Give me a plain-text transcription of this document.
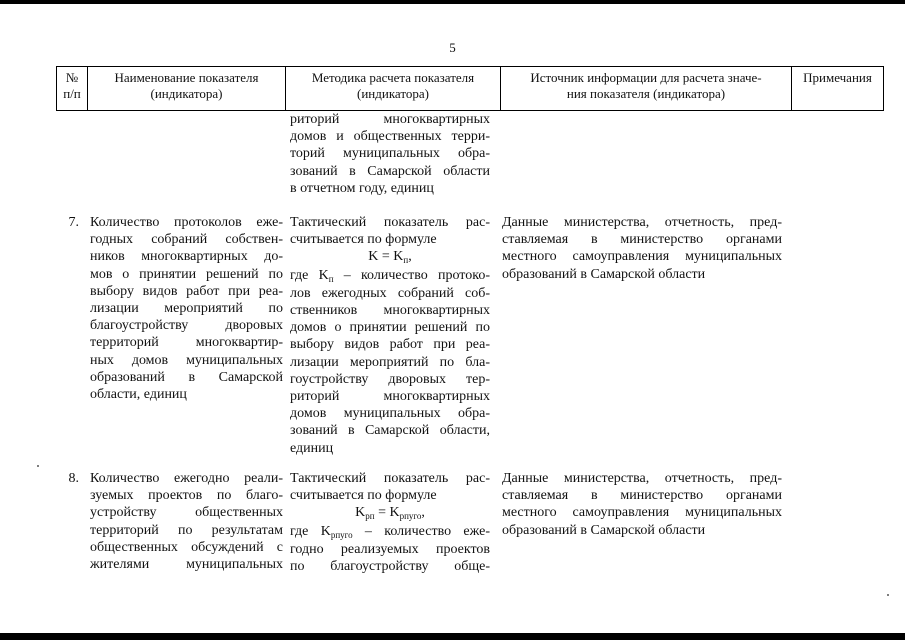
5
№
п/п
Наименование показателя
(индикатора)
Методика расчета показателя
(индикатора)
Источник информации для расчета значе-
ния показателя (индикатора)
Примечания
риторий многоквартирных
домов и общественных терри-
торий муниципальных обра-
зований в Самарской области
в отчетном году, единиц
7. Количество протоколов еже-
годных собраний собствен-
ников многоквартирных до-
мов о принятии решений по
выбору видов работ при реа-
лизации мероприятий по
благоустройству дворовых
территорий многоквартир-
ных домов муниципальных
образований в Самарской
области, единиц
Тактический показатель рас-
считывается по формуле
$K = K_п$,
где $K_п$ – количество протоко-
лов ежегодных собраний соб-
ственников многоквартирных
домов о принятии решений по
выбору видов работ при реа-
лизации мероприятий по бла-
гоустройству дворовых тер-
риторий многоквартирных
домов муниципальных обра-
зований в Самарской области,
единиц
Данные министерства, отчетность, пред-
ставляемая в министерство органами
местного самоуправления муниципальных
образований в Самарской области
8. Количество ежегодно реали-
зуемых проектов по благо-
устройству общественных
территорий по результатам
общественных обсуждений с
жителями муниципальных
Тактический показатель рас-
считывается по формуле
$K_{рп} = K_{рпуго}$,
где $K_{рпуго}$ – количество еже-
годно реализуемых проектов
по благоустройству обще-
Данные министерства, отчетность, пред-
ставляемая в министерство органами
местного самоуправления муниципальных
образований в Самарской области
